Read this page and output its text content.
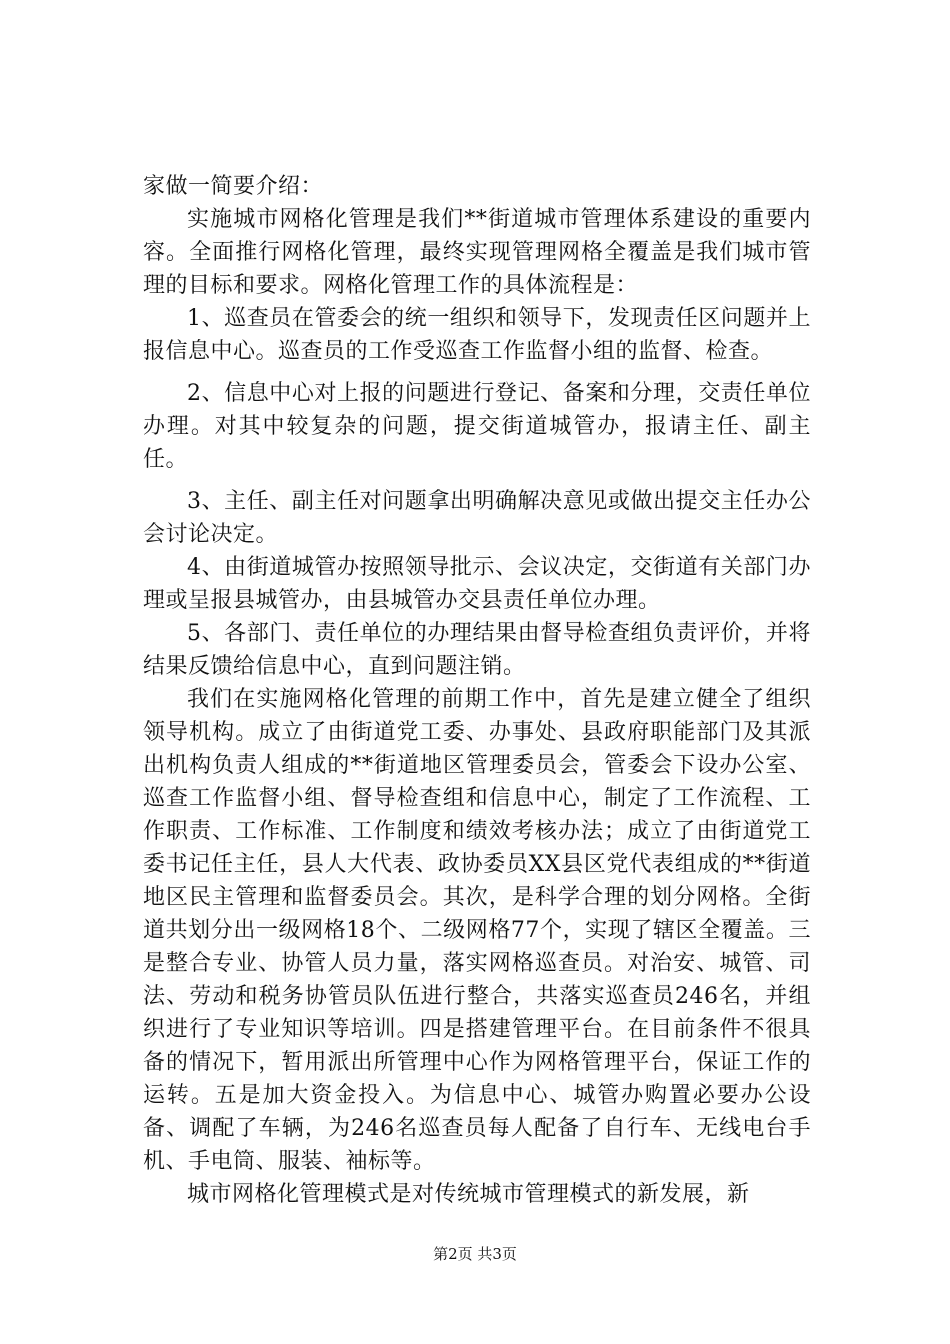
家做一简要介绍：

实施城市网格化管理是我们**街道城市管理体系建设的重要内容。全面推行网格化管理，最终实现管理网格全覆盖是我们城市管理的目标和要求。网格化管理工作的具体流程是：

1、巡查员在管委会的统一组织和领导下，发现责任区问题并上报信息中心。巡查员的工作受巡查工作监督小组的监督、检查。

2、信息中心对上报的问题进行登记、备案和分理，交责任单位办理。对其中较复杂的问题，提交街道城管办，报请主任、副主任。

3、主任、副主任对问题拿出明确解决意见或做出提交主任办公会讨论决定。

4、由街道城管办按照领导批示、会议决定，交街道有关部门办理或呈报县城管办，由县城管办交县责任单位办理。

5、各部门、责任单位的办理结果由督导检查组负责评价，并将结果反馈给信息中心，直到问题注销。

我们在实施网格化管理的前期工作中，首先是建立健全了组织领导机构。成立了由街道党工委、办事处、县政府职能部门及其派出机构负责人组成的**街道地区管理委员会，管委会下设办公室、巡查工作监督小组、督导检查组和信息中心，制定了工作流程、工作职责、工作标准、工作制度和绩效考核办法；成立了由街道党工委书记任主任，县人大代表、政协委员XX县区党代表组成的**街道地区民主管理和监督委员会。其次，是科学合理的划分网格。全街道共划分出一级网格18个、二级网格77个，实现了辖区全覆盖。三是整合专业、协管人员力量，落实网格巡查员。对治安、城管、司法、劳动和税务协管员队伍进行整合，共落实巡查员246名，并组织进行了专业知识等培训。四是搭建管理平台。在目前条件不很具备的情况下，暂用派出所管理中心作为网格管理平台，保证工作的运转。五是加大资金投入。为信息中心、城管办购置必要办公设备、调配了车辆，为246名巡查员每人配备了自行车、无线电台手机、手电筒、服装、袖标等。

城市网格化管理模式是对传统城市管理模式的新发展，新

第2页 共3页
